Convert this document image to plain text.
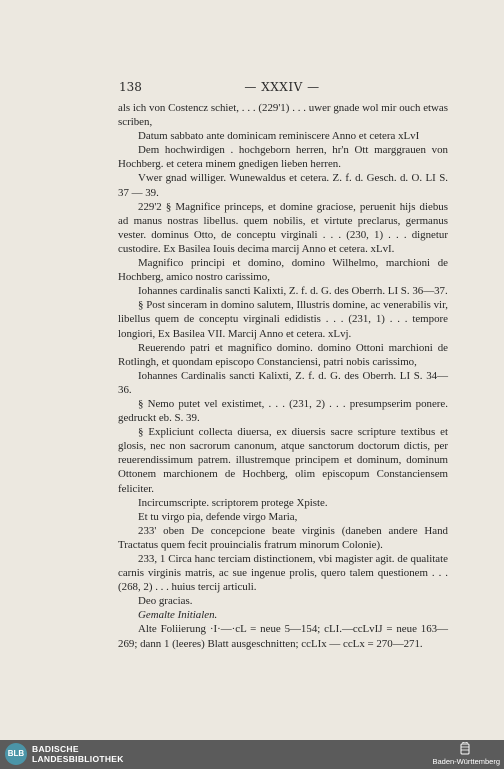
138	— XXXIV —

als ich von Costencz schiet, . . . (229'1) . . . uwer gnade wol mir ouch etwas scriben,

Datum sabbato ante dominicam reminiscere Anno et cetera xLvI

Dem hochwirdigen . hochgeborn herren, hr'n Ott marggrauen von Hochberg. et cetera minem gnedigen lieben herren.

Vwer gnad williger. Wunewaldus et cetera. Z. f. d. Gesch. d. O. LI S. 37 — 39.

229'2 § Magnifice princeps, et domine graciose, peruenit hijs diebus ad manus nostras libellus. quem nobilis, et virtute preclarus, germanus vester. dominus Otto, de conceptu virginali . . . (230, 1) . . . dignetur custodire. Ex Basilea Iouis decima marcij Anno et cetera. xLvI.

Magnifico principi et domino, domino Wilhelmo, marchioni de Hochberg, amico nostro carissimo,

Iohannes cardinalis sancti Kalixti, Z. f. d. G. des Oberrh. LI S. 36—37.

§ Post sinceram in domino salutem, Illustris domine, ac venerabilis vir, libellus quem de conceptu virginali edidistis . . . (231, 1) . . . tempore longiori, Ex Basilea VII. Marcij Anno et cetera. xLvj.

Reuerendo patri et magnifico domino. domino Ottoni marchioni de Rotlingh, et quondam episcopo Constanciensi, patri nobis carissimo,

Iohannes Cardinalis sancti Kalixti, Z. f. d. G. des Oberrh. LI S. 34—36.

§ Nemo putet vel existimet, . . . (231, 2) . . . presumpserim ponere. gedruckt eb. S. 39.

§ Expliciunt collecta diuersa, ex diuersis sacre scripture textibus et glosis, nec non sacrorum canonum, atque sanctorum doctorum dictis, per reuerendissimum patrem. illustremque principem et dominum, dominum Ottonem marchionem de Hochberg, olim episcopum Constanciensem feliciter.

Incircumscripte. scriptorem protege Xpiste.

Et tu virgo pia, defende virgo Maria,

233' oben De concepcione beate virginis (daneben andere Hand Tractatus quem fecit prouincialis fratrum minorum Colonie).

233, 1 Circa hanc terciam distinctionem, vbi magister agit. de qualitate carnis virginis matris, ac sue ingenue prolis, quero talem questionem . . . (268, 2) . . . huius tercij articuli.

Deo gracias.

Gemalte Initialen.

Alte Foliierung ·I·—·cL = neue 5—154; cLI.—ccLvIJ = neue 163—269; dann 1 (leeres) Blatt ausgeschnitten; ccLIx — ccLx = 270—271.

BLB BADISCHE
LANDESBIBLIOTHEK	Baden-Württemberg
